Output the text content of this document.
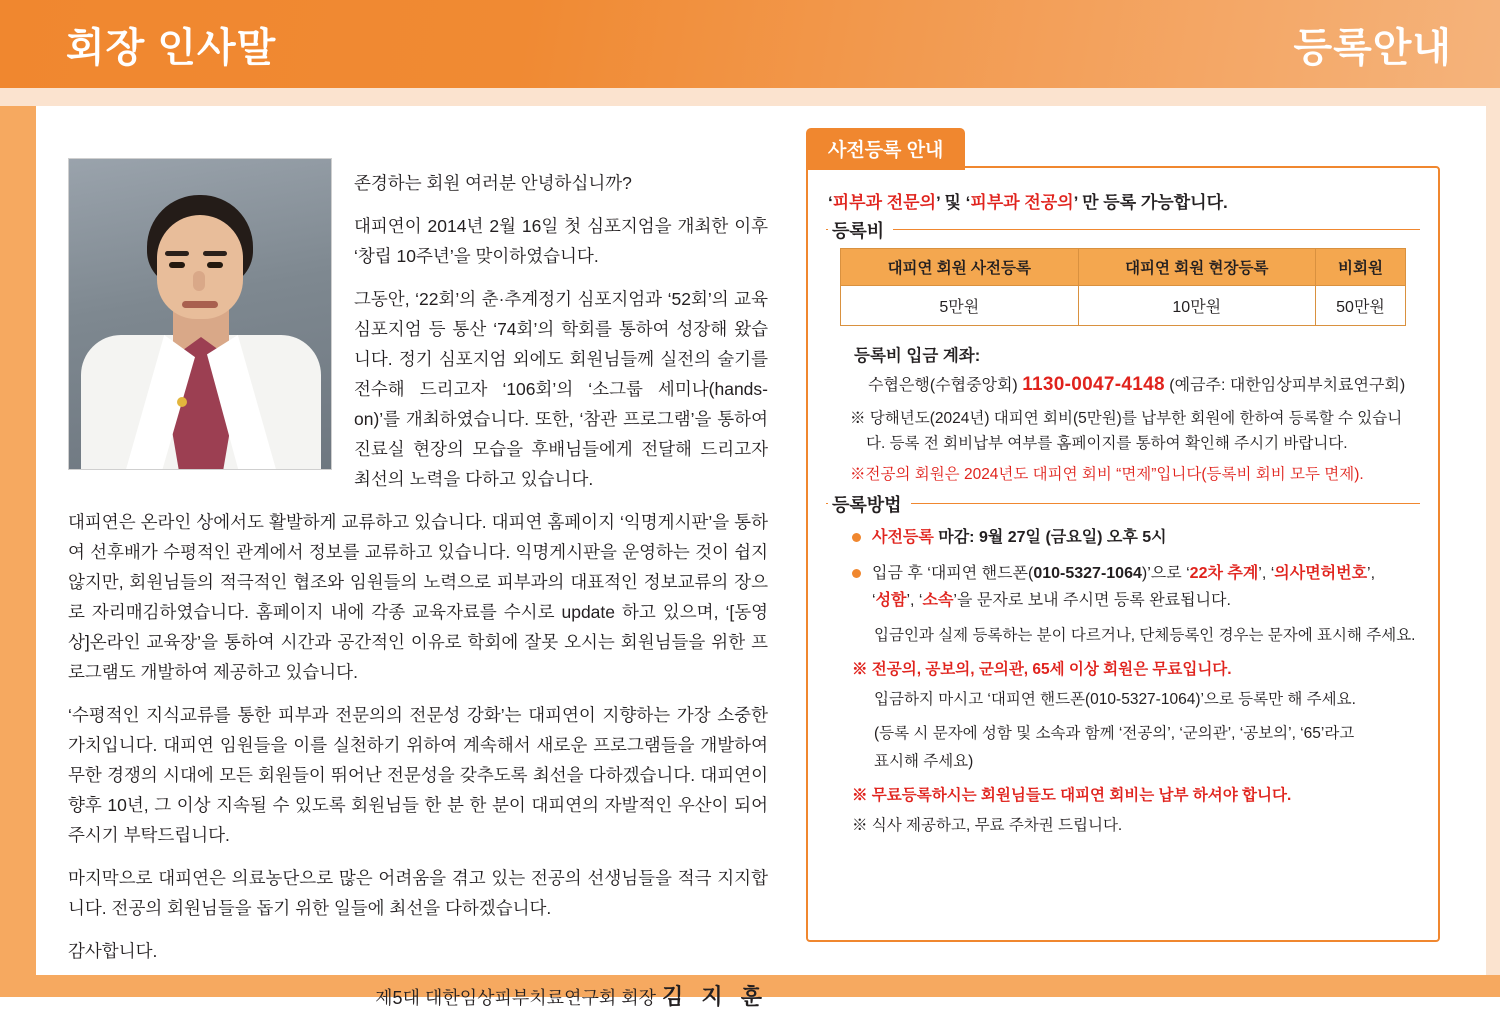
회장 인사말	등록안내

존경하는 회원 여러분 안녕하십니까?

대피연이 2014년 2월 16일 첫 심포지엄을 개최한 이후 ‘창립 10주년’을 맞이하였습니다.

그동안, ‘22회’의 춘·추계정기 심포지엄과 ‘52회’의 교육 심포지엄 등 통산 ‘74회’의 학회를 통하여 성장해 왔습니다. 정기 심포지엄 외에도 회원님들께 실전의 술기를 전수해 드리고자 ‘106회’의 ‘소그룹 세미나(hands-on)’를 개최하였습니다. 또한, ‘참관 프로그램’을 통하여 진료실 현장의 모습을 후배님들에게 전달해 드리고자 최선의 노력을 다하고 있습니다.

대피연은 온라인 상에서도 활발하게 교류하고 있습니다. 대피연 홈페이지 ‘익명게시판’을 통하여 선후배가 수평적인 관계에서 정보를 교류하고 있습니다. 익명게시판을 운영하는 것이 쉽지않지만, 회원님들의 적극적인 협조와 임원들의 노력으로 피부과의 대표적인 정보교류의 장으로 자리매김하였습니다. 홈페이지 내에 각종 교육자료를 수시로 update 하고 있으며, ‘[동영상]온라인 교육장’을 통하여 시간과 공간적인 이유로 학회에 잘못 오시는 회원님들을 위한 프로그램도 개발하여 제공하고 있습니다.

‘수평적인 지식교류를 통한 피부과 전문의의 전문성 강화’는 대피연이 지향하는 가장 소중한 가치입니다. 대피연 임원들을 이를 실천하기 위하여 계속해서 새로운 프로그램들을 개발하여 무한 경쟁의 시대에 모든 회원들이 뛰어난 전문성을 갖추도록 최선을 다하겠습니다. 대피연이 향후 10년, 그 이상 지속될 수 있도록 회원님들 한 분 한 분이 대피연의 자발적인 우산이 되어 주시기 부탁드립니다.

마지막으로 대피연은 의료농단으로 많은 어려움을 겪고 있는 전공의 선생님들을 적극 지지합니다. 전공의 회원님들을 돕기 위한 일들에 최선을 다하겠습니다.

감사합니다.

제5대 대한임상피부치료연구회 회장 김 지 훈
사전등록 안내
‘피부과 전문의’ 및 ‘피부과 전공의’ 만 등록 가능합니다.
등록비
대피연 회원 사전등록	대피연 회원 현장등록	비회원
5만원	10만원	50만원
등록비 입금 계좌:
수협은행(수협중앙회) 1130-0047-4148 (예금주: 대한임상피부치료연구회)
※ 당해년도(2024년) 대피연 회비(5만원)를 납부한 회원에 한하여 등록할 수 있습니다. 등록 전 회비납부 여부를 홈페이지를 통하여 확인해 주시기 바랍니다.
※전공의 회원은 2024년도 대피연 회비 “면제”입니다(등록비 회비 모두 면제).
등록방법
사전등록 마감: 9월 27일 (금요일) 오후 5시
입금 후 ‘대피연 핸드폰(010-5327-1064)’으로 ‘22차 추계’, ‘의사면허번호’,
‘성함’, ‘소속’을 문자로 보내 주시면 등록 완료됩니다.
입금인과 실제 등록하는 분이 다르거나, 단체등록인 경우는 문자에 표시해 주세요.
※ 전공의, 공보의, 군의관, 65세 이상 회원은 무료입니다.
입금하지 마시고 ‘대피연 핸드폰(010-5327-1064)’으로 등록만 해 주세요.
(등록 시 문자에 성함 및 소속과 함께 ‘전공의’, ‘군의관’, ‘공보의’, ‘65’라고
표시해 주세요)
※ 무료등록하시는 회원님들도 대피연 회비는 납부 하셔야 합니다.
※ 식사 제공하고, 무료 주차권 드립니다.
